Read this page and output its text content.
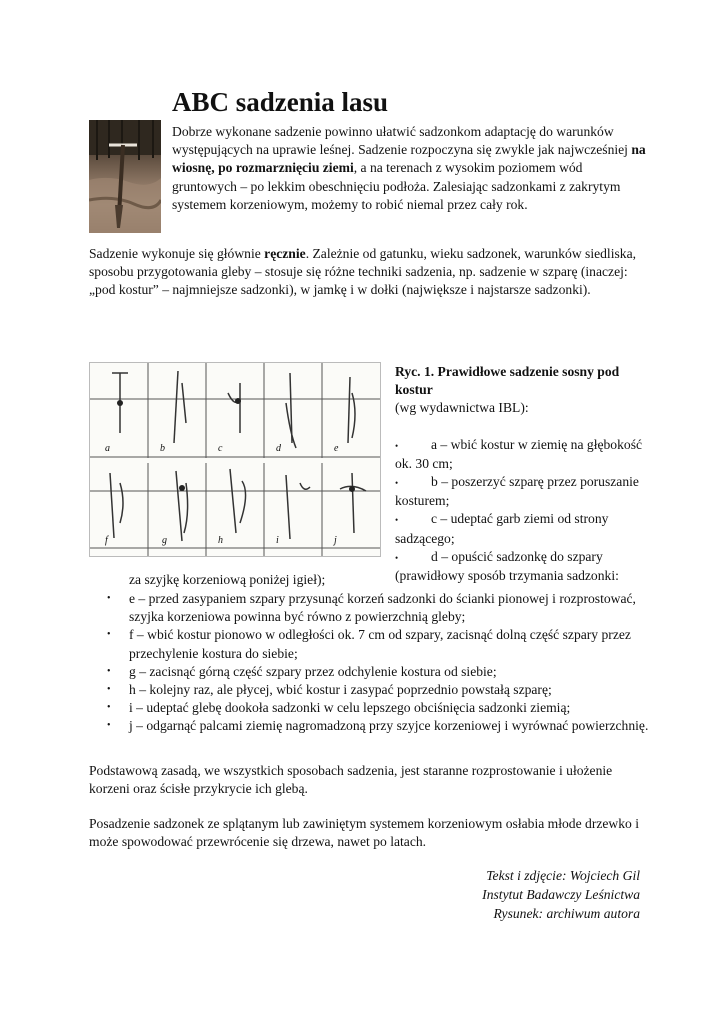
ABC sadzenia lasu

Dobrze wykonane sadzenie powinno ułatwić sadzonkom adaptację do warunków występujących na uprawie leśnej. Sadzenie rozpoczyna się zwykle jak najwcześniej na wiosnę, po rozmarznięciu ziemi, a na terenach z wysokim poziomem wód gruntowych – po lekkim obeschnięciu podłoża. Zalesiając sadzonkami z zakrytym systemem korzeniowym, możemy to robić niemal przez cały rok.

Sadzenie wykonuje się głównie ręcznie. Zależnie od gatunku, wieku sadzonek, warunków siedliska, sposobu przygotowania gleby – stosuje się różne techniki sadzenia, np. sadzenie w szparę (inaczej: „pod kostur” – najmniejsze sadzonki), w jamkę i w dołki (największe i najstarsze sadzonki).

a	b	c	d	e
f	g	h	i	j
Ryc. 1. Prawidłowe sadzenie sosny pod kostur
(wg wydawnictwa IBL):
• a – wbić kostur w ziemię na głębokość ok. 30 cm;
• b – poszerzyć szparę przez poruszanie kosturem;
• c – udeptać garb ziemi od strony sadzącego;
• d – opuścić sadzonkę do szpary (prawidłowy sposób trzymania sadzonki:
za szyjkę korzeniową poniżej igieł);
• e – przed zasypaniem szpary przysunąć korzeń sadzonki do ścianki pionowej i rozprostować, szyjka korzeniowa powinna być równo z powierzchnią gleby;
• f – wbić kostur pionowo w odległości ok. 7 cm od szpary, zacisnąć dolną część szpary przez przechylenie kostura do siebie;
• g – zacisnąć górną część szpary przez odchylenie kostura od siebie;
• h – kolejny raz, ale płycej, wbić kostur i zasypać poprzednio powstałą szparę;
• i – udeptać glebę dookoła sadzonki w celu lepszego obciśnięcia sadzonki ziemią;
• j – odgarnąć palcami ziemię nagromadzoną przy szyjce korzeniowej i wyrównać powierzchnię.

Podstawową zasadą, we wszystkich sposobach sadzenia, jest staranne rozprostowanie i ułożenie korzeni oraz ścisłe przykrycie ich glebą.

Posadzenie sadzonek ze splątanym lub zawiniętym systemem korzeniowym osłabia młode drzewko i może spowodować przewrócenie się drzewa, nawet po latach.

Tekst i zdjęcie: Wojciech Gil
Instytut Badawczy Leśnictwa
Rysunek: archiwum autora
